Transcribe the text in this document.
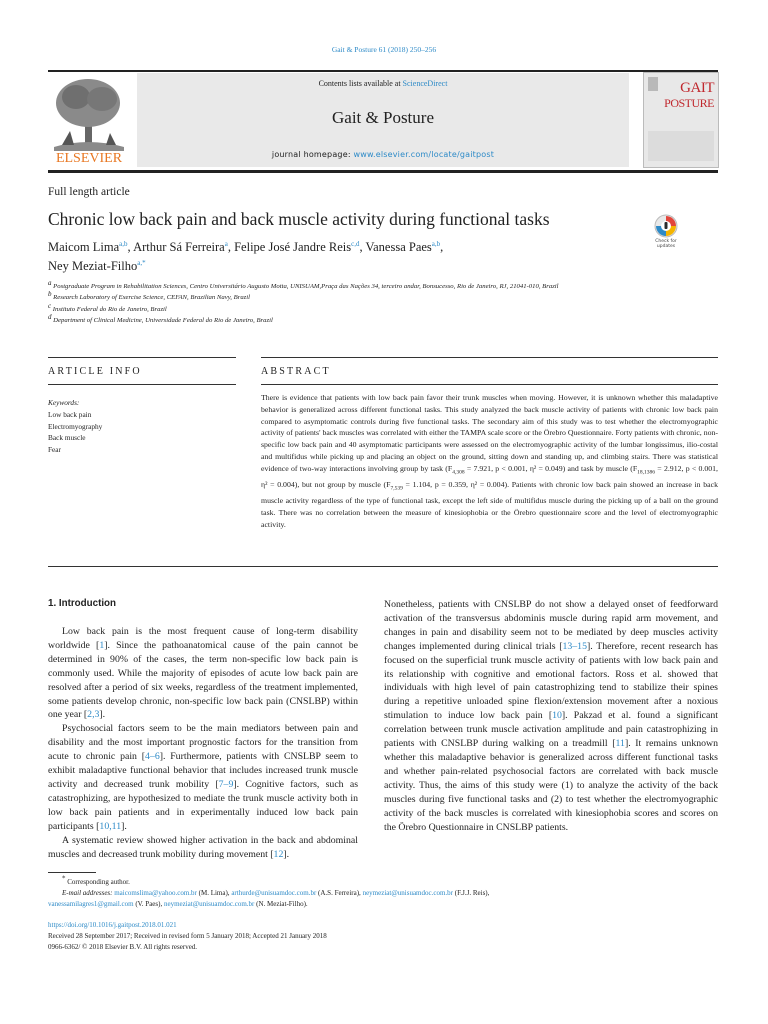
Gait & Posture 61 (2018) 250–256
ELSEVIER
Contents lists available at ScienceDirect
Gait & Posture
journal homepage: www.elsevier.com/locate/gaitpost
GAIT
POSTURE
Full length article
Chronic low back pain and back muscle activity during functional tasks
Check for updates
Maicom Lima$^{a,b}$, Arthur Sá Ferreira$^a$, Felipe José Jandre Reis$^{c,d}$, Vanessa Paes$^{a,b}$,
Ney Meziat-Filho$^{a,*}$

$^a$ Postgraduate Program in Rehabilitation Sciences, Centro Universitário Augusto Motta, UNISUAM,Praça das Nações 34, terceiro andar, Bonsucesso, Rio de Janeiro, RJ, 21041-010, Brazil

$^b$ Research Laboratory of Exercise Science, CEFAN, Brazilian Navy, Brazil

$^c$ Instituto Federal do Rio de Janeiro, Brazil

$^d$ Department of Clinical Medicine, Universidade Federal do Rio de Janeiro, Brazil

ARTICLE INFO	ABSTRACT
Keywords:
Low back pain
Electromyography
Back muscle
Fear
There is evidence that patients with low back pain favor their trunk muscles when moving. However, it is unknown whether this maladaptive behavior is generalized across different functional tasks. This study analyzed the back muscle activity of patients with chronic low back pain compared to asymptomatic controls during five functional tasks. The secondary aim of this study was to test whether the electromyographic activity of patients' back muscles was correlated with either the TAMPA scale score or the Örebro Questionnaire. Forty patients with chronic, non-specific low back pain and 40 asymptomatic participants were assessed on the electromyographic activity of the lumbar longissimus, ilio-costal and multifidus while picking up and placing an object on the ground, sitting down and standing up, and climbing stairs. There was statistical evidence of two-way interactions involving group by task ($F_{4,308} = 7.921$, p < 0.001, η² = 0.049) and task by muscle ($F_{18,1386} = 2.912$, p < 0.001, η² = 0.004), but not group by muscle ($F_{7,539} = 1.104$, p = 0.359, η² = 0.004). Patients with chronic low back pain showed an increase in back muscle activity regardless of the type of functional task, except the left side of multifidus muscle during the picking up of a ball on the ground task. There was no correlation between the measure of kinesiophobia or the Örebro questionnaire score and the level of electromyographic activity.
1. Introduction

Low back pain is the most frequent cause of long-term disability worldwide [1]. Since the pathoanatomical cause of the pain cannot be determined in 90% of the cases, the term non-specific low back pain is commonly used. While the majority of episodes of acute low back pain are resolved after a period of six weeks, regardless of the treatment implemented, some patients develop chronic, non-specific low back pain (CNSLBP) within one year [2,3].

Psychosocial factors seem to be the main mediators between pain and disability and the most important prognostic factors for the transition from acute to chronic pain [4–6]. Furthermore, patients with CNSLBP seem to exhibit maladaptive functional behavior that includes increased trunk muscle activity and decreased trunk mobility [7–9]. Cognitive factors, such as catastrophizing, are hypothesized to mediate the trunk muscle activity both in low back pain patients and in experimentally induced low back pain participants [10,11].

A systematic review showed higher activation in the back and abdominal muscles and decreased trunk mobility during movement [12].

Nonetheless, patients with CNSLBP do not show a delayed onset of feedforward activation of the transversus abdominis muscle during rapid arm movement, and changes in pain and disability seem not to be mediated by deep muscles activity changes implemented during clinical trials [13–15]. Therefore, recent research has focused on the superficial trunk muscle activity of patients with low back pain and its relationship with cognitive and emotional factors. Ross et al. showed that individuals with high level of pain catastrophizing tend to stabilize their spines during a repetitive unloaded spine flexion/extension movement after a noxious stimulation to induce low back pain [10]. Pakzad et al. found a significant correlation between trunk muscle activation amplitude and pain catastrophizing in patients with CNSLBP during walking on a treadmill [11]. It remains unknown whether this maladaptive behavior is generalized across different functional tasks and whether pain-related psychosocial factors are correlated with back muscle activity. Thus, the aims of this study were (1) to analyze the activity of the back muscles during five functional tasks and (2) to test whether the electromyographic activity of the back muscles is correlated with kinesiophobia scores and scores on the Örebro Questionnaire in CNSLBP patients.

* Corresponding author.

E-mail addresses: maicomslima@yahoo.com.br (M. Lima), arthurde@unisuamdoc.com.br (A.S. Ferreira), neymeziat@unisuamdoc.com.br (F.J.J. Reis),

vanessamilagres1@gmail.com (V. Paes), neymeziat@unisuamdoc.com.br (N. Meziat-Filho).

https://doi.org/10.1016/j.gaitpost.2018.01.021

Received 28 September 2017; Received in revised form 5 January 2018; Accepted 21 January 2018

0966-6362/ © 2018 Elsevier B.V. All rights reserved.
